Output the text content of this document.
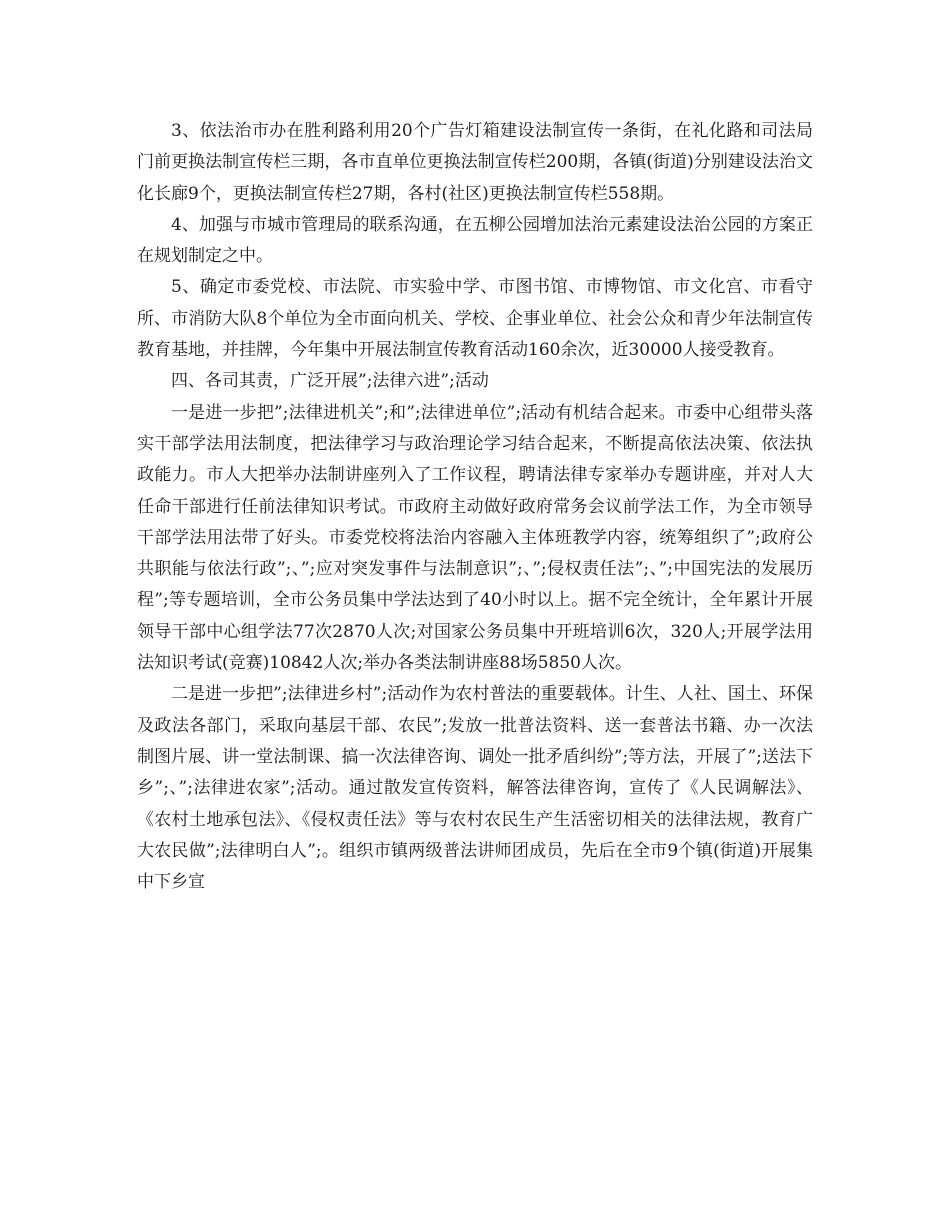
3、依法治市办在胜利路利用20个广告灯箱建设法制宣传一条街，在礼化路和司法局门前更换法制宣传栏三期，各市直单位更换法制宣传栏200期，各镇(街道)分别建设法治文化长廊9个，更换法制宣传栏27期，各村(社区)更换法制宣传栏558期。

4、加强与市城市管理局的联系沟通，在五柳公园增加法治元素建设法治公园的方案正在规划制定之中。

5、确定市委党校、市法院、市实验中学、市图书馆、市博物馆、市文化宫、市看守所、市消防大队8个单位为全市面向机关、学校、企事业单位、社会公众和青少年法制宣传教育基地，并挂牌，今年集中开展法制宣传教育活动160余次，近30000人接受教育。

四、各司其责，广泛开展”;法律六进”;活动

一是进一步把”;法律进机关”;和”;法律进单位”;活动有机结合起来。市委中心组带头落实干部学法用法制度，把法律学习与政治理论学习结合起来，不断提高依法决策、依法执政能力。市人大把举办法制讲座列入了工作议程，聘请法律专家举办专题讲座，并对人大任命干部进行任前法律知识考试。市政府主动做好政府常务会议前学法工作，为全市领导干部学法用法带了好头。市委党校将法治内容融入主体班教学内容，统筹组织了”;政府公共职能与依法行政”;、”;应对突发事件与法制意识”;、”;侵权责任法”;、”;中国宪法的发展历程”;等专题培训，全市公务员集中学法达到了40小时以上。据不完全统计，全年累计开展领导干部中心组学法77次2870人次;对国家公务员集中开班培训6次，320人;开展学法用法知识考试(竞赛)10842人次;举办各类法制讲座88场5850人次。

二是进一步把”;法律进乡村”;活动作为农村普法的重要载体。计生、人社、国土、环保及政法各部门，采取向基层干部、农民”;发放一批普法资料、送一套普法书籍、办一次法制图片展、讲一堂法制课、搞一次法律咨询、调处一批矛盾纠纷”;等方法，开展了”;送法下乡”;、”;法律进农家”;活动。通过散发宣传资料，解答法律咨询，宣传了《人民调解法》、《农村土地承包法》、《侵权责任法》等与农村农民生产生活密切相关的法律法规，教育广大农民做”;法律明白人”;。组织市镇两级普法讲师团成员，先后在全市9个镇(街道)开展集中下乡宣
